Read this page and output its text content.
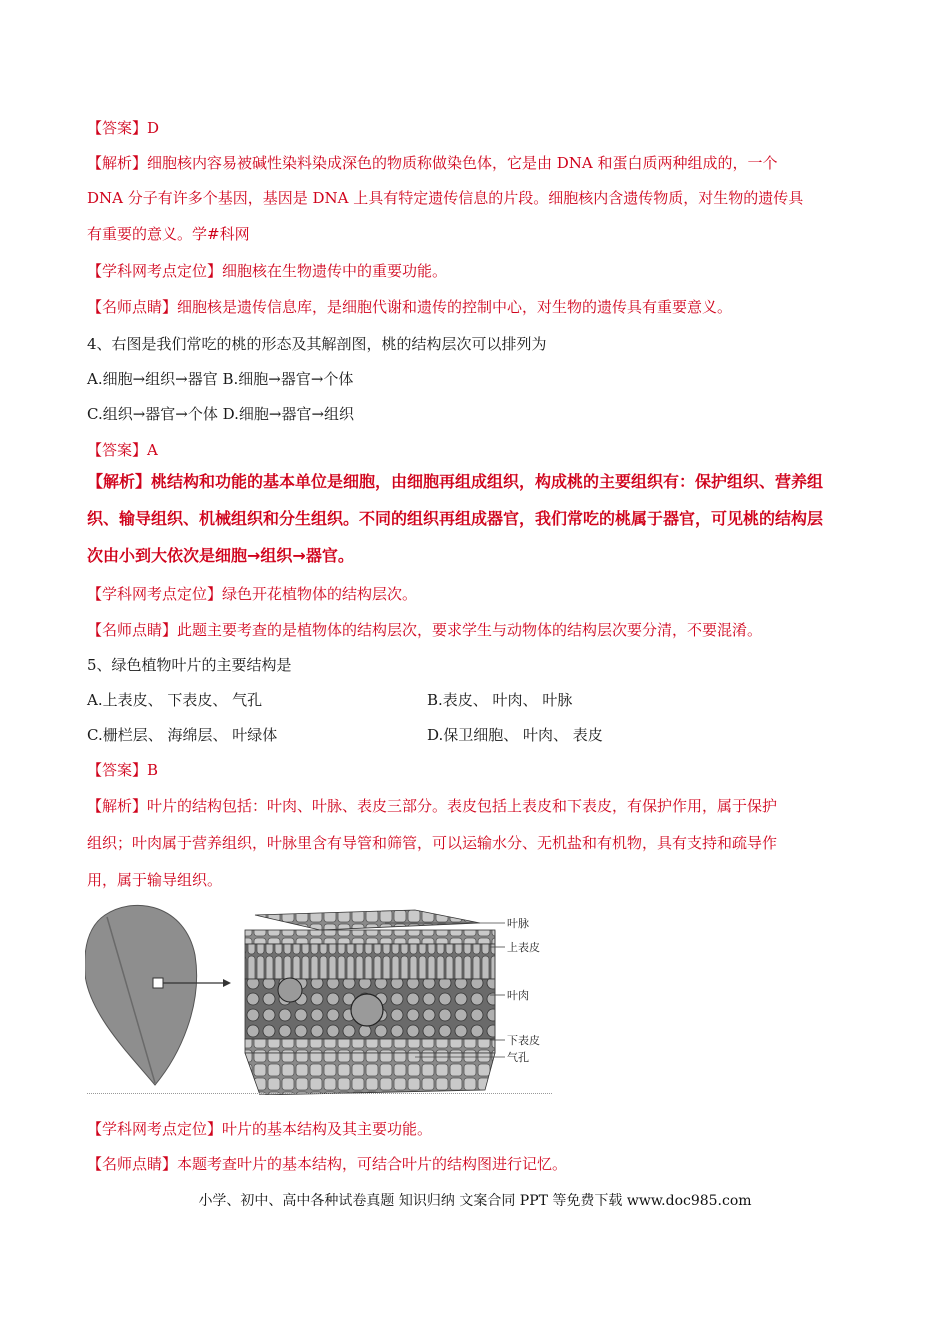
【答案】D
【解析】细胞核内容易被碱性染料染成深色的物质称做染色体，它是由 DNA 和蛋白质两种组成的，一个
DNA 分子有许多个基因，基因是 DNA 上具有特定遗传信息的片段。细胞核内含遗传物质，对生物的遗传具
有重要的意义。学#科网
【学科网考点定位】细胞核在生物遗传中的重要功能。
【名师点睛】细胞核是遗传信息库，是细胞代谢和遗传的控制中心，对生物的遗传具有重要意义。
4、右图是我们常吃的桃的形态及其解剖图，桃的结构层次可以排列为
A.细胞→组织→器官 B.细胞→器官→个体
C.组织→器官→个体 D.细胞→器官→组织
【答案】A
【解析】桃结构和功能的基本单位是细胞，由细胞再组成组织，构成桃的主要组织有：保护组织、营养组
织、输导组织、机械组织和分生组织。不同的组织再组成器官，我们常吃的桃属于器官，可见桃的结构层
次由小到大依次是细胞→组织→器官。
【学科网考点定位】绿色开花植物体的结构层次。
【名师点睛】此题主要考查的是植物体的结构层次，要求学生与动物体的结构层次要分清，不要混淆。
5、绿色植物叶片的主要结构是
A.上表皮、 下表皮、 气孔	B.表皮、 叶肉、 叶脉
C.栅栏层、 海绵层、 叶绿体	D.保卫细胞、 叶肉、 表皮
【答案】B
【解析】叶片的结构包括：叶肉、叶脉、表皮三部分。表皮包括上表皮和下表皮，有保护作用，属于保护
组织；叶肉属于营养组织，叶脉里含有导管和筛管，可以运输水分、无机盐和有机物，具有支持和疏导作
用，属于输导组织。
叶脉
上表皮
叶肉
下表皮
气孔
【学科网考点定位】叶片的基本结构及其主要功能。
【名师点睛】本题考查叶片的基本结构，可结合叶片的结构图进行记忆。
小学、初中、高中各种试卷真题 知识归纳 文案合同 PPT 等免费下载 www.doc985.com
